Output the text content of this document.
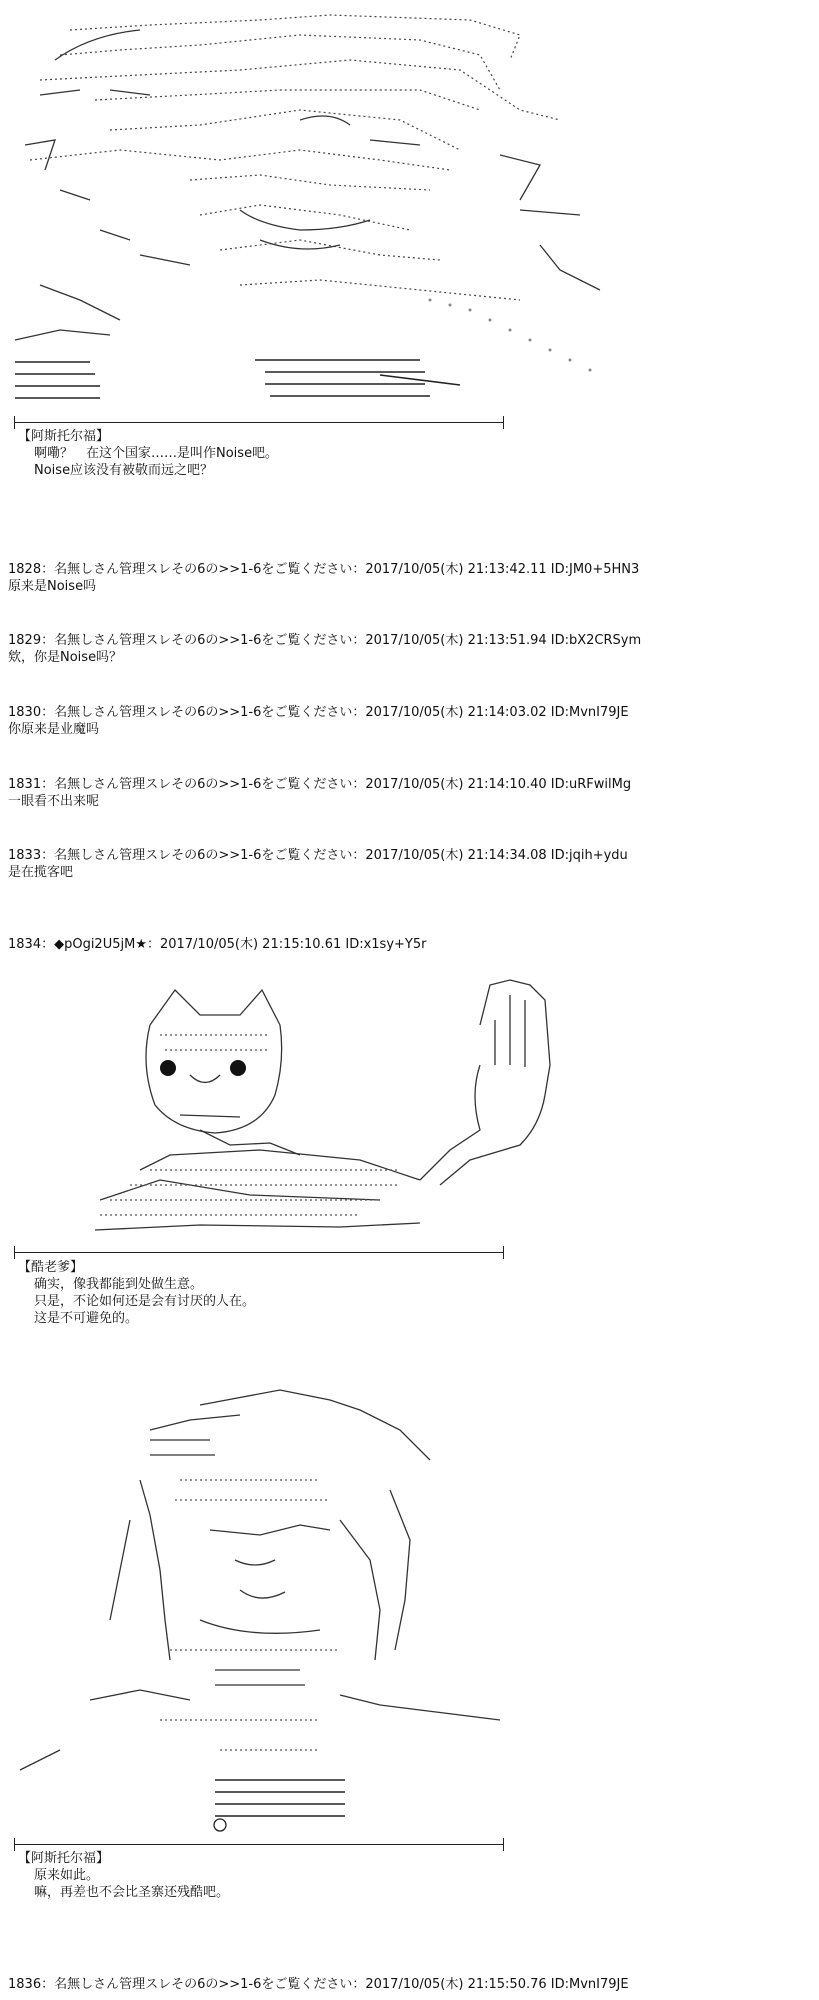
【阿斯托尔福】
啊嘞？　在这个国家……是叫作Noise吧。
Noise应该没有被敬而远之吧？
1828：名無しさん管理スレその6の>>1-6をご覧ください：2017/10/05(木) 21:13:42.11 ID:JM0+5HN3
原来是Noise吗
1829：名無しさん管理スレその6の>>1-6をご覧ください：2017/10/05(木) 21:13:51.94 ID:bX2CRSym
欸，你是Noise吗？
1830：名無しさん管理スレその6の>>1-6をご覧ください：2017/10/05(木) 21:14:03.02 ID:MvnI79JE
你原来是业魔吗
1831：名無しさん管理スレその6の>>1-6をご覧ください：2017/10/05(木) 21:14:10.40 ID:uRFwilMg
一眼看不出来呢
1833：名無しさん管理スレその6の>>1-6をご覧ください：2017/10/05(木) 21:14:34.08 ID:jqih+ydu
是在揽客吧
1834：◆pOgi2U5jM★：2017/10/05(木) 21:15:10.61 ID:x1sy+Y5r
【酷老爹】
确实，像我都能到处做生意。
只是，不论如何还是会有讨厌的人在。
这是不可避免的。
【阿斯托尔福】
原来如此。
嘛，再差也不会比圣寨还残酷吧。
1836：名無しさん管理スレその6の>>1-6をご覧ください：2017/10/05(木) 21:15:50.76 ID:MvnI79JE
